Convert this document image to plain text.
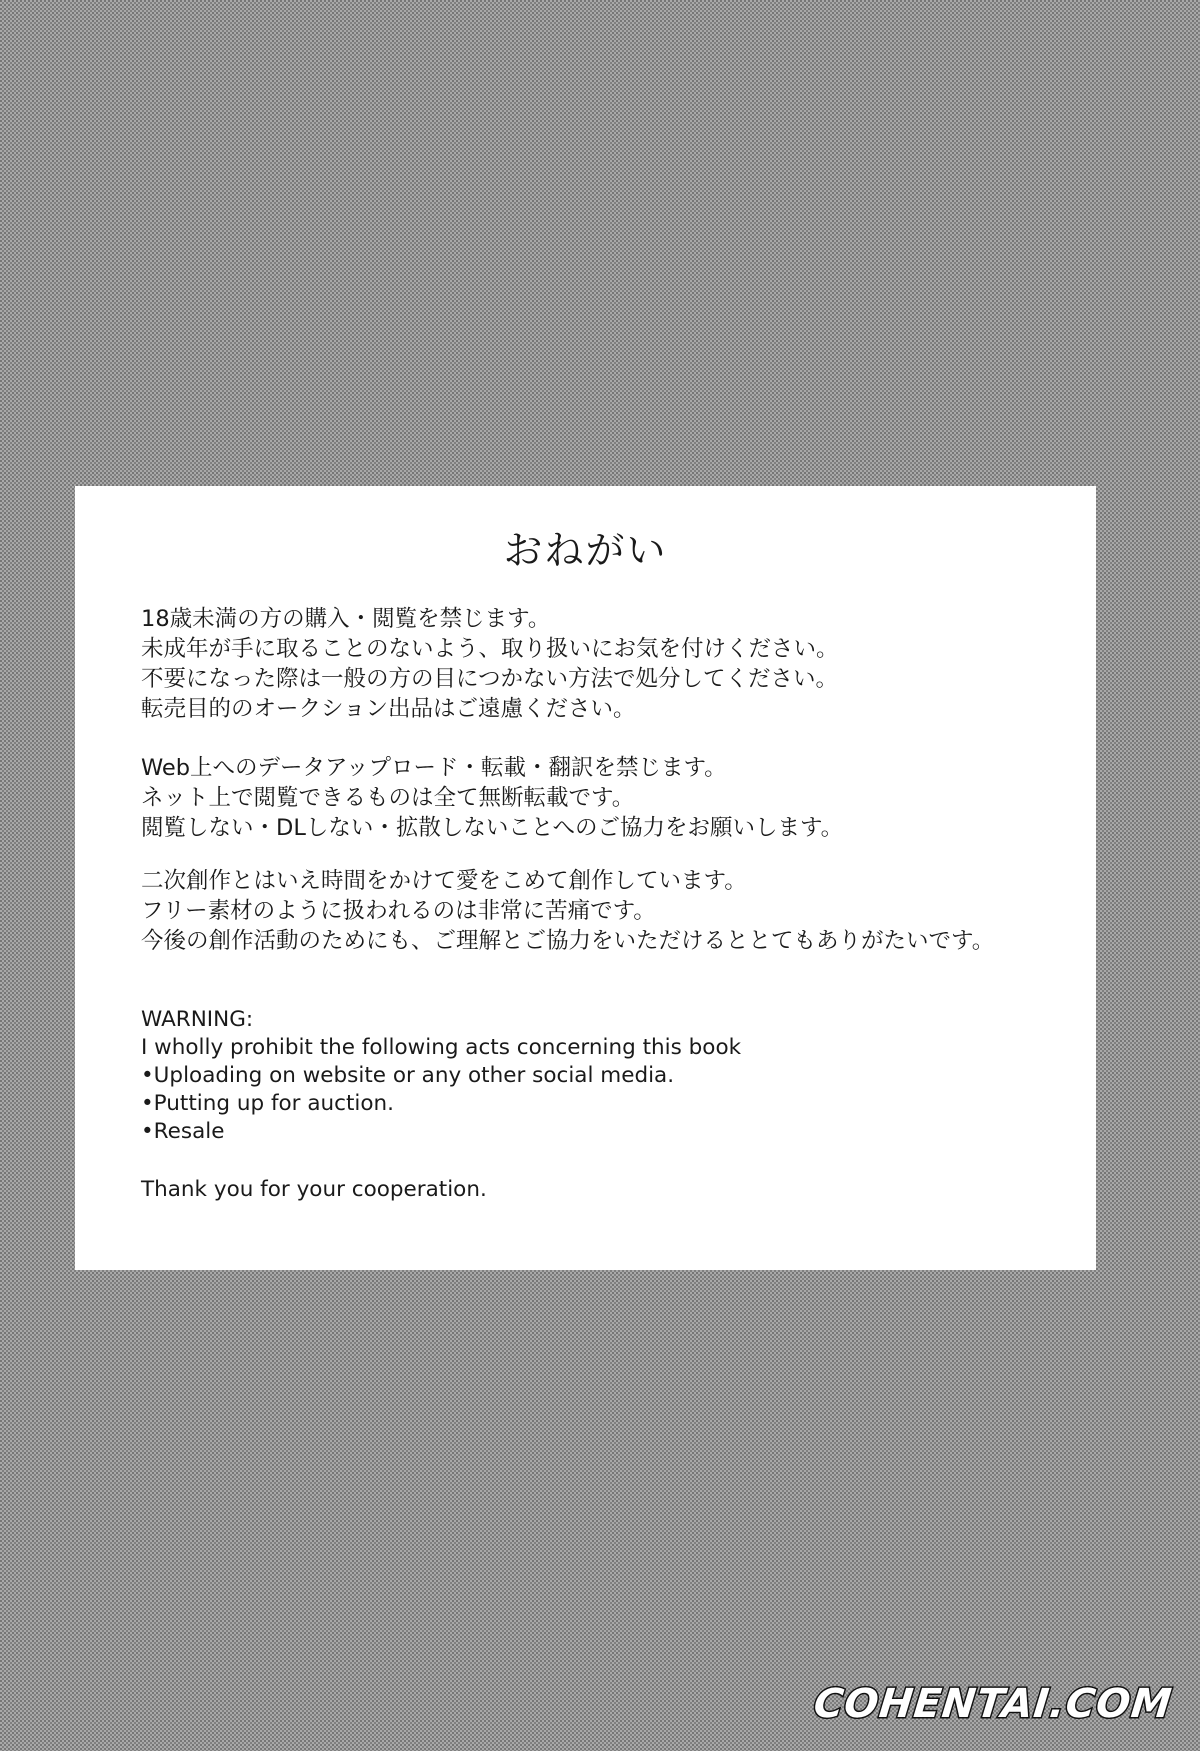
おねがい
18歳未満の方の購入・閲覧を禁じます。
未成年が手に取ることのないよう、取り扱いにお気を付けください。
不要になった際は一般の方の目につかない方法で処分してください。
転売目的のオークション出品はご遠慮ください。
Web上へのデータアップロード・転載・翻訳を禁じます。
ネット上で閲覧できるものは全て無断転載です。
閲覧しない・DLしない・拡散しないことへのご協力をお願いします。
二次創作とはいえ時間をかけて愛をこめて創作しています。
フリー素材のように扱われるのは非常に苦痛です。
今後の創作活動のためにも、ご理解とご協力をいただけるととてもありがたいです。
WARNING:
I wholly prohibit the following acts concerning this book
•Uploading on website or any other social media.
•Putting up for auction.
•Resale
Thank you for your cooperation.
COHENTAI.COM
